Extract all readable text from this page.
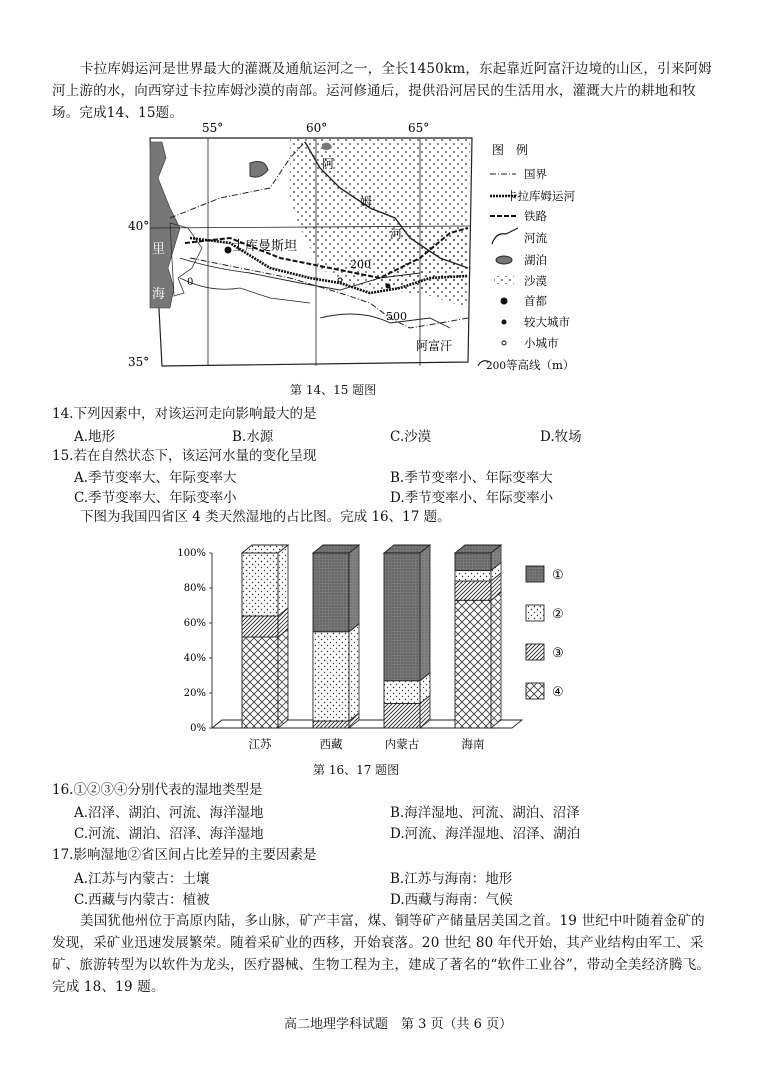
卡拉库姆运河是世界最大的灌溉及通航运河之一，全长1450km，东起靠近阿富汗边境的山区，引来阿姆河上游的水，向西穿过卡拉库姆沙漠的南部。运河修通后，提供沿河居民的生活用水，灌溉大片的耕地和牧场。完成14、15题。
55°	60°	65°
40°
35°
里
海
土库曼斯坦
阿
姆
河
阿富汗
200
500
0
图　例
国界
卡拉库姆运河
铁路
河流
湖泊
沙漠
首都
较大城市
小城市
200 等高线（m）
第 14、15 题图
14.下列因素中，对该运河走向影响最大的是
A.地形	B.水源	C.沙漠	D.牧场
15.若在自然状态下，该运河水量的变化呈现
A.季节变率大、年际变率大	B.季节变率小、年际变率大
C.季节变率大、年际变率小	D.季节变率小、年际变率小
下图为我国四省区 4 类天然湿地的占比图。完成 16、17 题。
0%
20%
40%
60%
80%
100%
江苏	西藏	内蒙古	海南
①
②
③
④
第 16、17 题图
16.①②③④分别代表的湿地类型是
A.沼泽、湖泊、河流、海洋湿地	B.海洋湿地、河流、湖泊、沼泽
C.河流、湖泊、沼泽、海洋湿地	D.河流、海洋湿地、沼泽、湖泊
17.影响湿地②省区间占比差异的主要因素是
A.江苏与内蒙古：土壤	B.江苏与海南：地形
C.西藏与内蒙古：植被	D.西藏与海南：气候
美国犹他州位于高原内陆，多山脉，矿产丰富，煤、铜等矿产储量居美国之首。19 世纪中叶随着金矿的发现，采矿业迅速发展繁荣。随着采矿业的西移，开始衰落。20 世纪 80 年代开始，其产业结构由军工、采矿、旅游转型为以软件为龙头，医疗器械、生物工程为主，建成了著名的“软件工业谷”，带动全美经济腾飞。完成 18、19 题。
高二地理学科试题　第 3 页（共 6 页）
